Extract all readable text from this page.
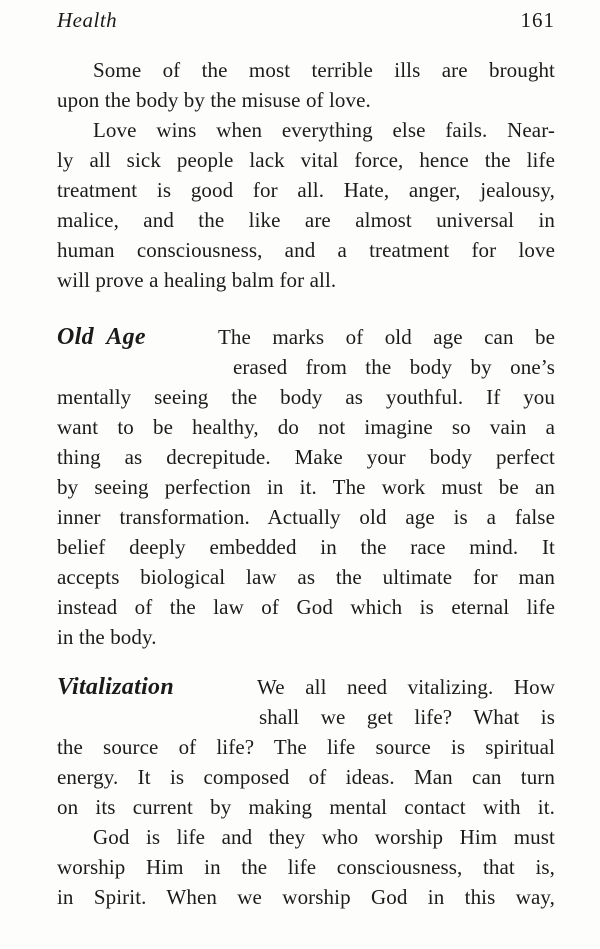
Health	161
Some of the most terrible ills are brought
upon the body by the misuse of love.
Love wins when everything else fails. Near-
ly all sick people lack vital force, hence the life
treatment is good for all. Hate, anger, jealousy,
malice, and the like are almost universal in
human consciousness, and a treatment for love
will prove a healing balm for all.
Old Age	The marks of old age can be
erased from the body by one’s
mentally seeing the body as youthful. If you
want to be healthy, do not imagine so vain a
thing as decrepitude. Make your body perfect
by seeing perfection in it. The work must be an
inner transformation. Actually old age is a false
belief deeply embedded in the race mind. It
accepts biological law as the ultimate for man
instead of the law of God which is eternal life
in the body.
Vitalization	We all need vitalizing. How
shall we get life? What is
the source of life? The life source is spiritual
energy. It is composed of ideas. Man can turn
on its current by making mental contact with it.
God is life and they who worship Him must
worship Him in the life consciousness, that is,
in Spirit. When we worship God in this way,
